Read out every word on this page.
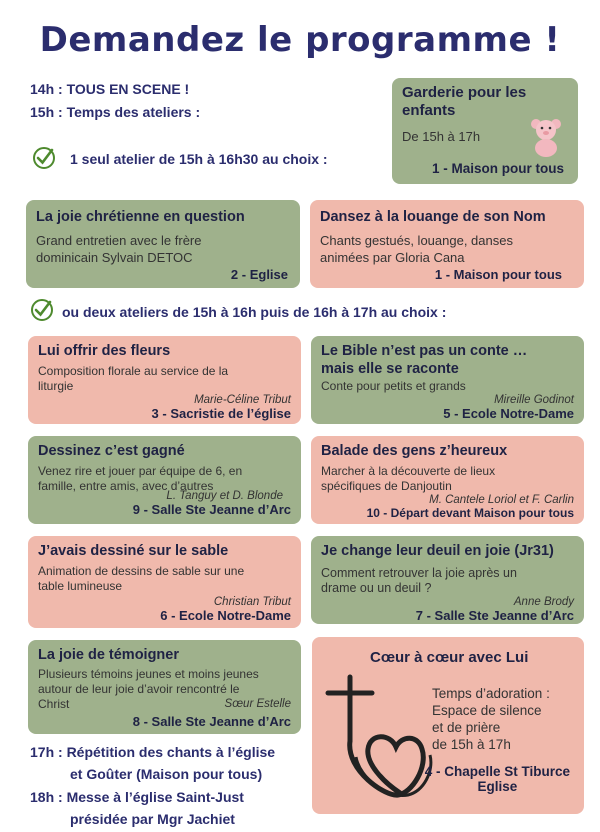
Demandez le programme !
14h : TOUS EN SCENE !
15h : Temps des ateliers :
1 seul atelier de 15h à 16h30 au choix :
Garderie pour les
enfants
De 15h à 17h
1 - Maison pour tous
La joie chrétienne en question
Grand entretien avec le frère
dominicain Sylvain DETOC
2 - Eglise
Dansez à la louange de son Nom
Chants gestués, louange, danses
animées par Gloria Cana
1 - Maison pour tous
ou deux ateliers de 15h à 16h puis de 16h à 17h au choix :
Lui offrir des fleurs
Composition florale au service de la
liturgie
Marie-Céline Tribut
3 - Sacristie de l’église
Le Bible n’est pas un conte …
mais elle se raconte
Conte pour petits et grands
Mireille Godinot
5 - Ecole Notre-Dame
Dessinez c’est gagné
Venez rire et jouer par équipe de 6, en
famille, entre amis, avec d’autres
L. Tanguy et D. Blonde
9 - Salle Ste Jeanne d’Arc
Balade des gens z’heureux
Marcher à la découverte de lieux
spécifiques de Danjoutin
M. Cantele Loriol et F. Carlin
10 - Départ devant Maison pour tous
J’avais dessiné sur le sable
Animation de dessins de sable sur une
table lumineuse
Christian Tribut
6 - Ecole Notre-Dame
Je change leur deuil en joie (Jr31)
Comment retrouver la joie après un
drame ou un deuil ?
Anne Brody
7 - Salle Ste Jeanne d’Arc
La joie de témoigner
Plusieurs témoins jeunes et moins jeunes
autour de leur joie d’avoir rencontré le
Christ	Sœur Estelle
8 - Salle Ste Jeanne d’Arc
Cœur à cœur avec Lui
Temps d’adoration :
Espace de silence
et de prière
de 15h à 17h
4 - Chapelle St Tiburce
Eglise
17h : Répétition des chants à l’église
et Goûter (Maison pour tous)
18h : Messe à l’église Saint-Just
présidée par Mgr Jachiet
